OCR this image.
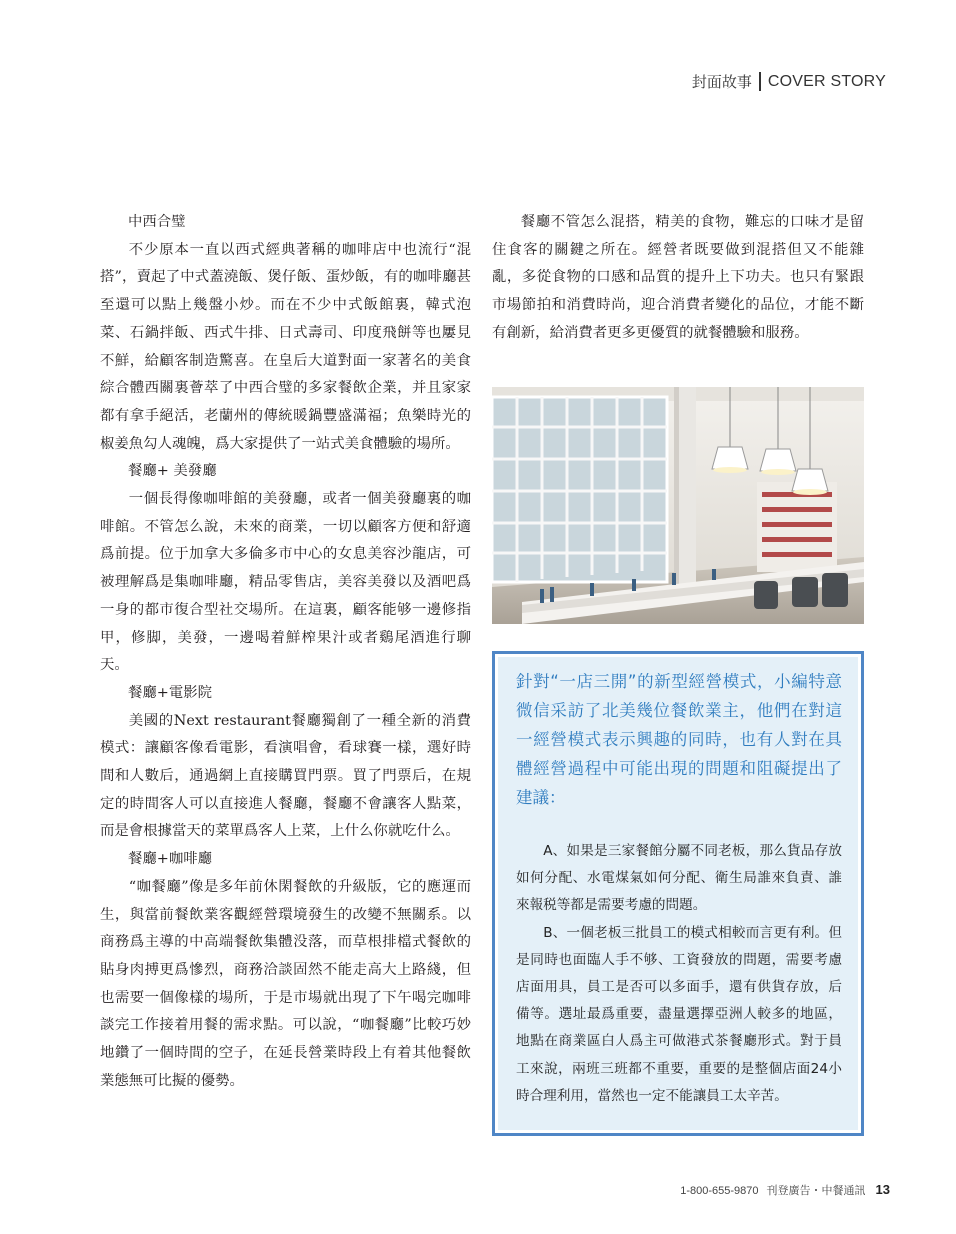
封面故事 COVER STORY
中西合璧

不少原本一直以西式經典著稱的咖啡店中也流行“混搭”，賣起了中式蓋澆飯、煲仔飯、蛋炒飯，有的咖啡廳甚至還可以點上幾盤小炒。而在不少中式飯館裏，韓式泡菜、石鍋拌飯、西式牛排、日式壽司、印度飛餅等也屢見不鮮，給顧客制造驚喜。在皇后大道對面一家著名的美食綜合體西關裏薈萃了中西合璧的多家餐飲企業，并且家家都有拿手絕活，老蘭州的傳統暖鍋豐盛滿福；魚樂時光的椒姜魚勾人魂魄，爲大家提供了一站式美食體驗的場所。

餐廳+ 美發廳

一個長得像咖啡館的美發廳，或者一個美發廳裏的咖啡館。不管怎么說，未來的商業，一切以顧客方便和舒適爲前提。位于加拿大多倫多市中心的女息美容沙龍店，可被理解爲是集咖啡廳，精品零售店，美容美發以及酒吧爲一身的都市復合型社交場所。在這裏，顧客能够一邊修指甲，修脚，美發，一邊喝着鮮榨果汁或者鷄尾酒進行聊天。

餐廳+電影院

美國的Next restaurant餐廳獨創了一種全新的消費模式：讓顧客像看電影，看演唱會，看球賽一樣，選好時間和人數后，通過網上直接購買門票。買了門票后，在規定的時間客人可以直接進人餐廳，餐廳不會讓客人點菜，而是會根據當天的菜單爲客人上菜，上什么你就吃什么。

餐廳+咖啡廳

“咖餐廳”像是多年前休閑餐飲的升級版，它的應運而生，與當前餐飲業客觀經營環境發生的改變不無關系。以商務爲主導的中高端餐飲集體没落，而草根排檔式餐飲的貼身肉搏更爲慘烈，商務洽談固然不能走高大上路綫，但也需要一個像樣的場所，于是市場就出現了下午喝完咖啡談完工作接着用餐的需求點。可以說，“咖餐廳”比較巧妙地鑽了一個時間的空子，在延長營業時段上有着其他餐飲業態無可比擬的優勢。

餐廳不管怎么混搭，精美的食物，難忘的口味才是留住食客的關鍵之所在。經營者既要做到混搭但又不能雜亂，多從食物的口感和品質的提升上下功夫。也只有緊跟市場節拍和消費時尚，迎合消費者變化的品位，才能不斷有創新，給消費者更多更優質的就餐體驗和服務。

針對“一店三開”的新型經營模式，小編特意微信采訪了北美幾位餐飲業主，他們在對這一經營模式表示興趣的同時，也有人對在具體經營過程中可能出現的問題和阻礙提出了建議：

A、如果是三家餐館分屬不同老板，那么貨品存放如何分配、水電煤氣如何分配、衛生局誰來負責、誰來報税等都是需要考慮的問題。

B、一個老板三批員工的模式相較而言更有利。但是同時也面臨人手不够、工資發放的問題，需要考慮店面用具，員工是否可以多面手，還有供貨存放，后備等。選址最爲重要，盡量選擇亞洲人較多的地區，地點在商業區白人爲主可做港式茶餐廳形式。對于員工來說，兩班三班都不重要，重要的是整個店面24小時合理利用，當然也一定不能讓員工太辛苦。

1-800-655-9870 刊登廣告・中餐通訊 13
